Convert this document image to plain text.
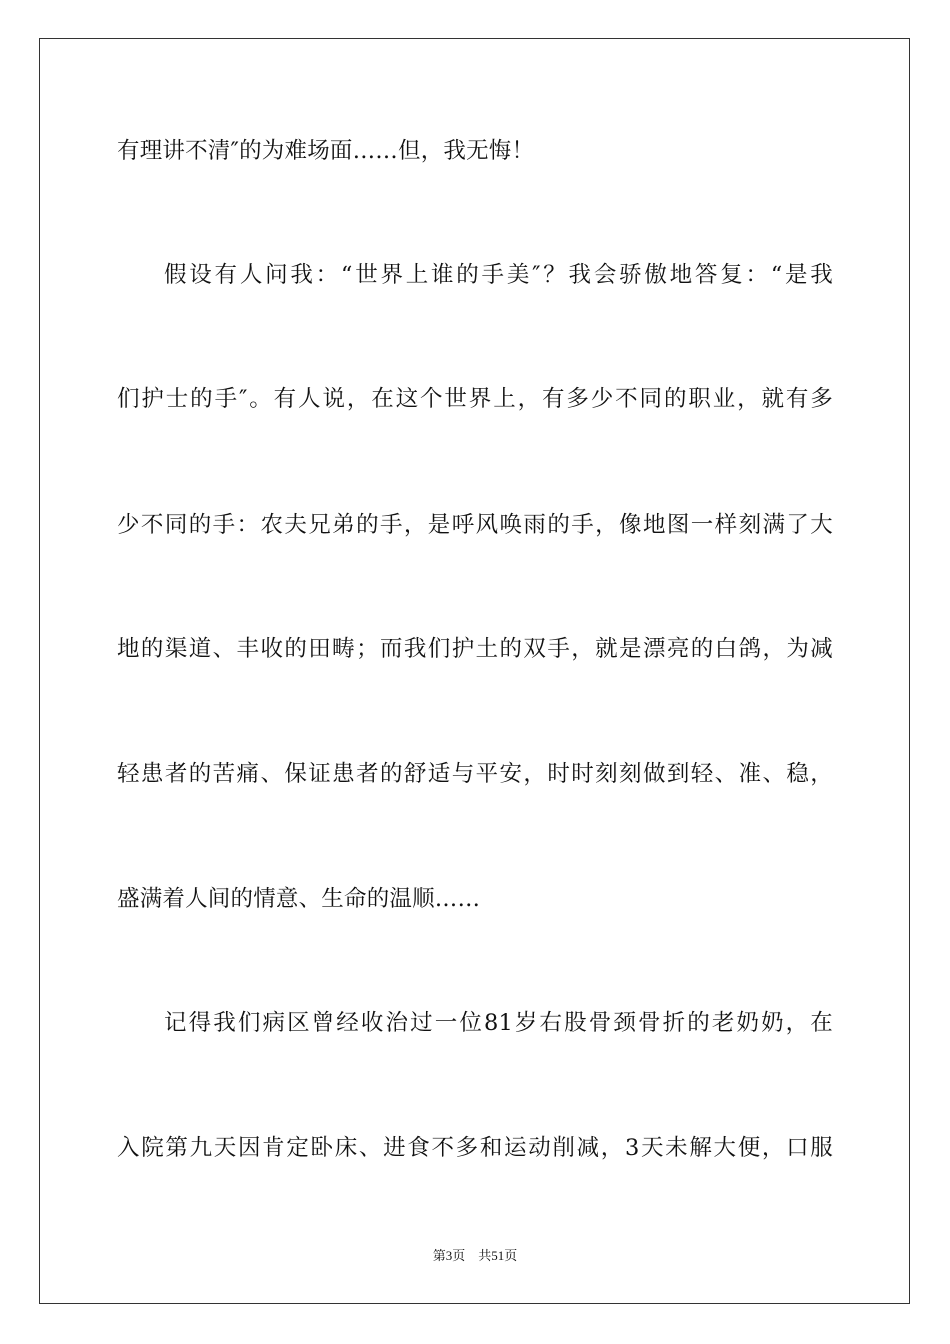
有理讲不清″的为难场面……但，我无悔！
假设有人问我：“世界上谁的手美″？我会骄傲地答复：“是我
们护士的手″。有人说，在这个世界上，有多少不同的职业，就有多
少不同的手：农夫兄弟的手，是呼风唤雨的手，像地图一样刻满了大
地的渠道、丰收的田畴；而我们护土的双手，就是漂亮的白鸽，为减
轻患者的苦痛、保证患者的舒适与平安，时时刻刻做到轻、准、稳，
盛满着人间的情意、生命的温顺……
记得我们病区曾经收治过一位81岁右股骨颈骨折的老奶奶，在
入院第九天因肯定卧床、进食不多和运动削减，3天未解大便，口服
第3页 共51页
